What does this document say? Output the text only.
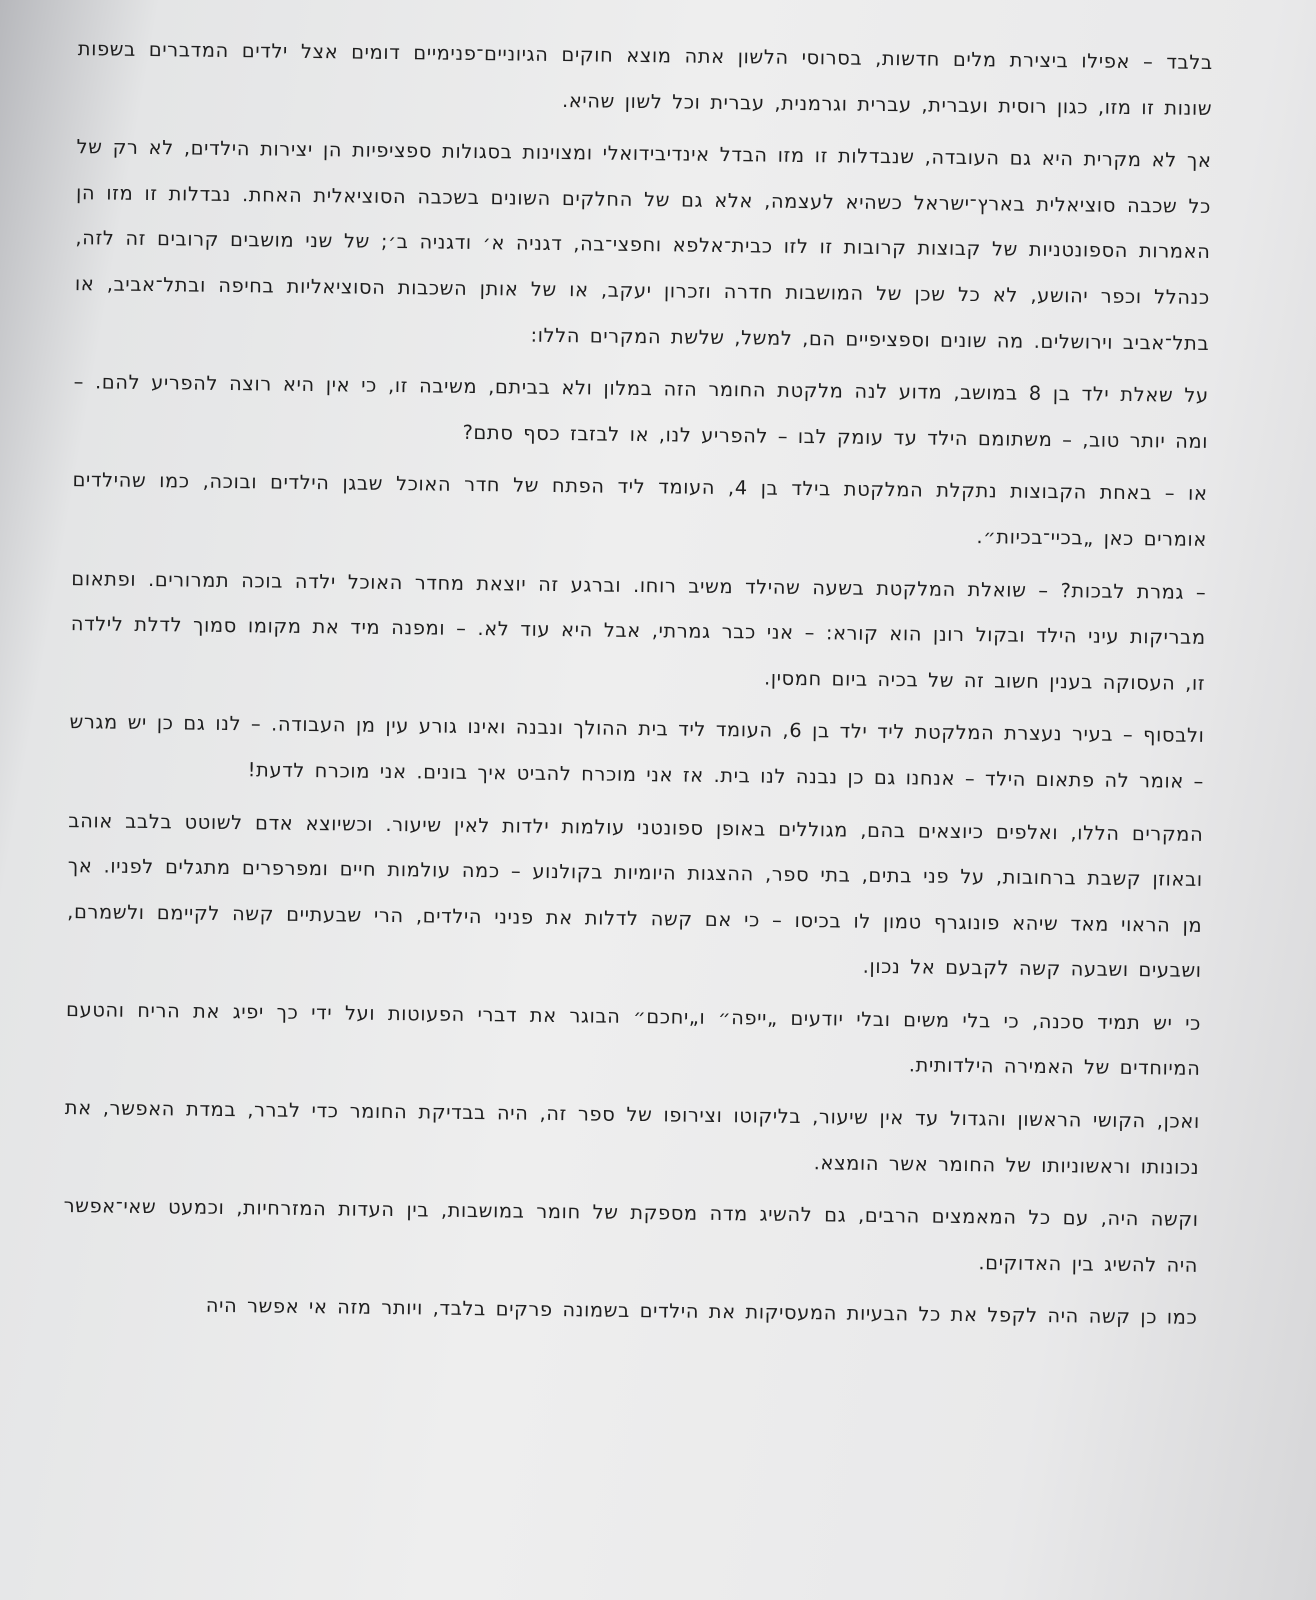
בלבד – אפילו ביצירת מלים חדשות, בסרוסי הלשון אתה מוצא חוקים הגיוניים־פנימיים דומים אצל ילדים המדברים בשפות שונות זו מזו, כגון רוסית ועברית, עברית וגרמנית, עברית וכל לשון שהיא.

אך לא מקרית היא גם העובדה, שנבדלות זו מזו הבדל אינדיבידואלי ומצוינות בסגולות ספציפיות הן יצירות הילדים, לא רק של כל שכבה סוציאלית בארץ־ישראל כשהיא לעצמה, אלא גם של החלקים השונים בשכבה הסוציאלית האחת. נבדלות זו מזו הן האמרות הספונטניות של קבוצות קרובות זו לזו כבית־אלפא וחפצי־בה, דגניה א׳ ודגניה ב׳; של שני מושבים קרובים זה לזה, כנהלל וכפר יהושע, לא כל שכן של המושבות חדרה וזכרון יעקב, או של אותן השכבות הסוציאליות בחיפה ובתל־אביב, או בתל־אביב וירושלים. מה שונים וספציפיים הם, למשל, שלשת המקרים הללו:

על שאלת ילד בן 8 במושב, מדוע לנה מלקטת החומר הזה במלון ולא בביתם, משיבה זו, כי אין היא רוצה להפריע להם. – ומה יותר טוב, – משתומם הילד עד עומק לבו – להפריע לנו, או לבזבז כסף סתם?

או – באחת הקבוצות נתקלת המלקטת בילד בן 4, העומד ליד הפתח של חדר האוכל שבגן הילדים ובוכה, כמו שהילדים אומרים כאן „בכיי־בכיות״.

– גמרת לבכות? – שואלת המלקטת בשעה שהילד משיב רוחו. וברגע זה יוצאת מחדר האוכל ילדה בוכה תמרורים. ופתאום מבריקות עיני הילד ובקול רונן הוא קורא: – אני כבר גמרתי, אבל היא עוד לא. – ומפנה מיד את מקומו סמוך לדלת לילדה זו, העסוקה בענין חשוב זה של בכיה ביום חמסין.

ולבסוף – בעיר נעצרת המלקטת ליד ילד בן 6, העומד ליד בית ההולך ונבנה ואינו גורע עין מן העבודה. – לנו גם כן יש מגרש – אומר לה פתאום הילד – אנחנו גם כן נבנה לנו בית. אז אני מוכרח להביט איך בונים. אני מוכרח לדעת!

המקרים הללו, ואלפים כיוצאים בהם, מגוללים באופן ספונטני עולמות ילדות לאין שיעור. וכשיוצא אדם לשוטט בלבב אוהב ובאוזן קשבת ברחובות, על פני בתים, בתי ספר, ההצגות היומיות בקולנוע – כמה עולמות חיים ומפרפרים מתגלים לפניו. אך מן הראוי מאד שיהא פונוגרף טמון לו בכיסו – כי אם קשה לדלות את פניני הילדים, הרי שבעתיים קשה לקיימם ולשמרם, ושבעים ושבעה קשה לקבעם אל נכון.

כי יש תמיד סכנה, כי בלי משים ובלי יודעים „ייפה״ ו„יחכם״ הבוגר את דברי הפעוטות ועל ידי כך יפיג את הריח והטעם המיוחדים של האמירה הילדותית.

ואכן, הקושי הראשון והגדול עד אין שיעור, בליקוטו וצירופו של ספר זה, היה בבדיקת החומר כדי לברר, במדת האפשר, את נכונותו וראשוניותו של החומר אשר הומצא.

וקשה היה, עם כל המאמצים הרבים, גם להשיג מדה מספקת של חומר במושבות, בין העדות המזרחיות, וכמעט שאי־אפשר היה להשיג בין האדוקים.

כמו כן קשה היה לקפל את כל הבעיות המעסיקות את הילדים בשמונה פרקים בלבד, ויותר מזה אי אפשר היה
